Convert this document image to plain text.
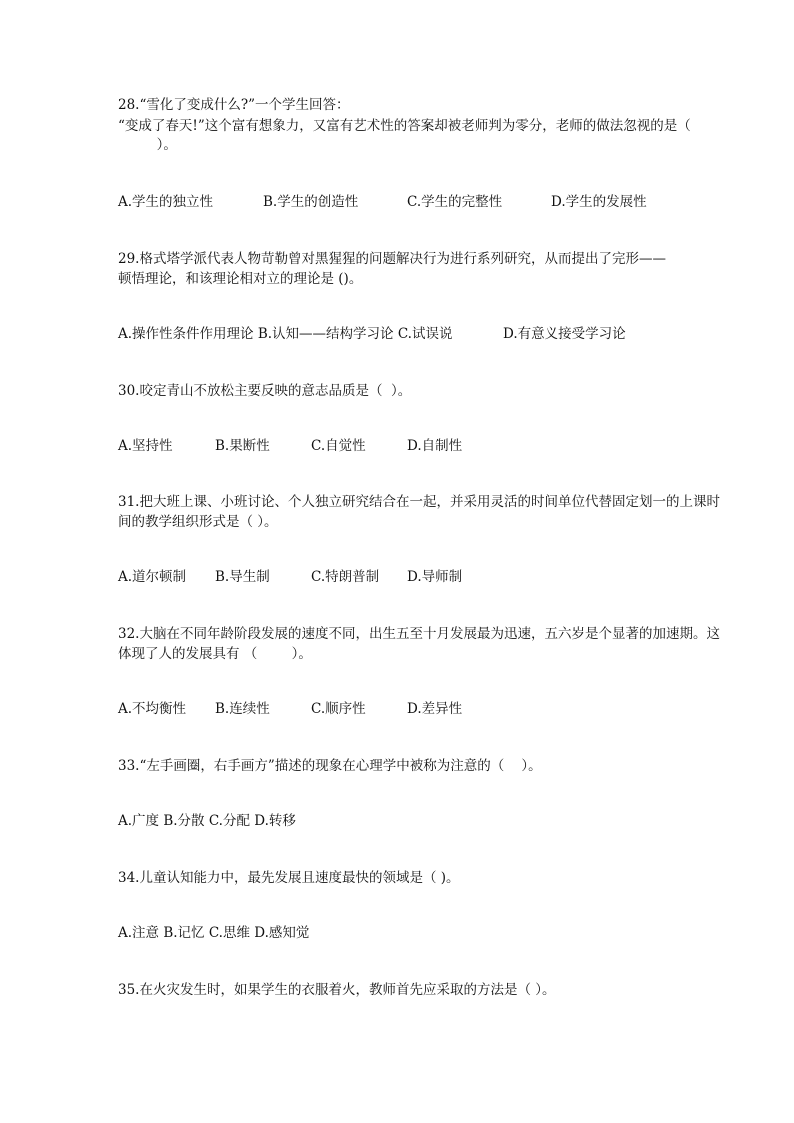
28.“雪化了变成什么?”一个学生回答：
“变成了春天!”这个富有想象力，又富有艺术性的答案却被老师判为零分，老师的做法忽视的是（
）。
A.学生的独立性	B.学生的创造性	C.学生的完整性	D.学生的发展性
29.格式塔学派代表人物苛勒曾对黑猩猩的问题解决行为进行系列研究，从而提出了完形——
顿悟理论，和该理论相对立的理论是 ()。
A.操作性条件作用理论 B.认知——结构学习论 C.试误说	D.有意义接受学习论
30.咬定青山不放松主要反映的意志品质是（  ）。
A.坚持性	B.果断性	C.自觉性	D.自制性
31.把大班上课、小班讨论、个人独立研究结合在一起，并采用灵活的时间单位代替固定划一的上课时
间的教学组织形式是（ ）。
A.道尔顿制 B.导生制	C.特朗普制 D.导师制
32.大脑在不同年龄阶段发展的速度不同，出生五至十月发展最为迅速，五六岁是个显著的加速期。这
体现了人的发展具有 （        ）。
A.不均衡性 B.连续性	C.顺序性	D.差异性
33.“左手画圈，右手画方”描述的现象在心理学中被称为注意的（    ）。
A.广度 B.分散 C.分配 D.转移
34.儿童认知能力中，最先发展且速度最快的领域是（ )。
A.注意 B.记忆 C.思维 D.感知觉
35.在火灾发生时，如果学生的衣服着火，教师首先应采取的方法是（ ）。
